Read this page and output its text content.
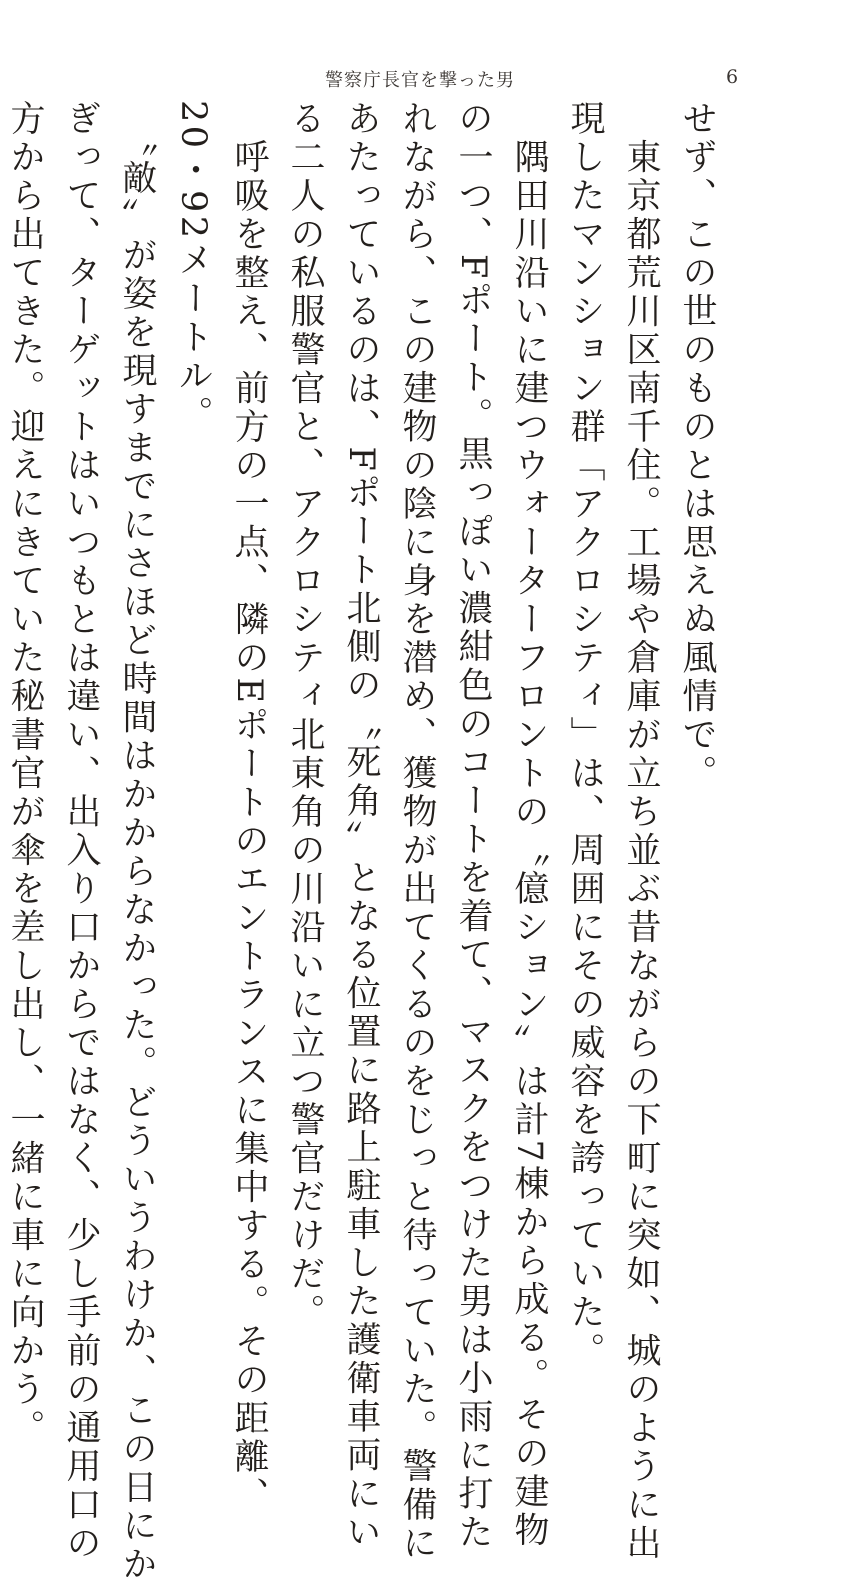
警察庁長官を撃った男	6
せず、この世のものとは思えぬ風情で。
　東京都荒川区南千住。工場や倉庫が立ち並ぶ昔ながらの下町に突如、城のように出
現したマンション群「アクロシティ」は、周囲にその威容を誇っていた。
　隅田川沿いに建つウォーターフロントの〝億ション〟は計7棟から成る。その建物
の一つ、Fポート。黒っぽい濃紺色のコートを着て、マスクをつけた男は小雨に打た
れながら、この建物の陰に身を潜め、獲物が出てくるのをじっと待っていた。警備に
あたっているのは、Fポート北側の〝死角〟となる位置に路上駐車した護衛車両にい
る二人の私服警官と、アクロシティ北東角の川沿いに立つ警官だけだ。
　呼吸を整え、前方の一点、隣のEポートのエントランスに集中する。その距離、
20・92メートル。
　〝敵〟が姿を現すまでにさほど時間はかからなかった。どういうわけか、この日にか
ぎって、ターゲットはいつもとは違い、出入り口からではなく、少し手前の通用口の
方から出てきた。迎えにきていた秘書官が傘を差し出し、一緒に車に向かう。
